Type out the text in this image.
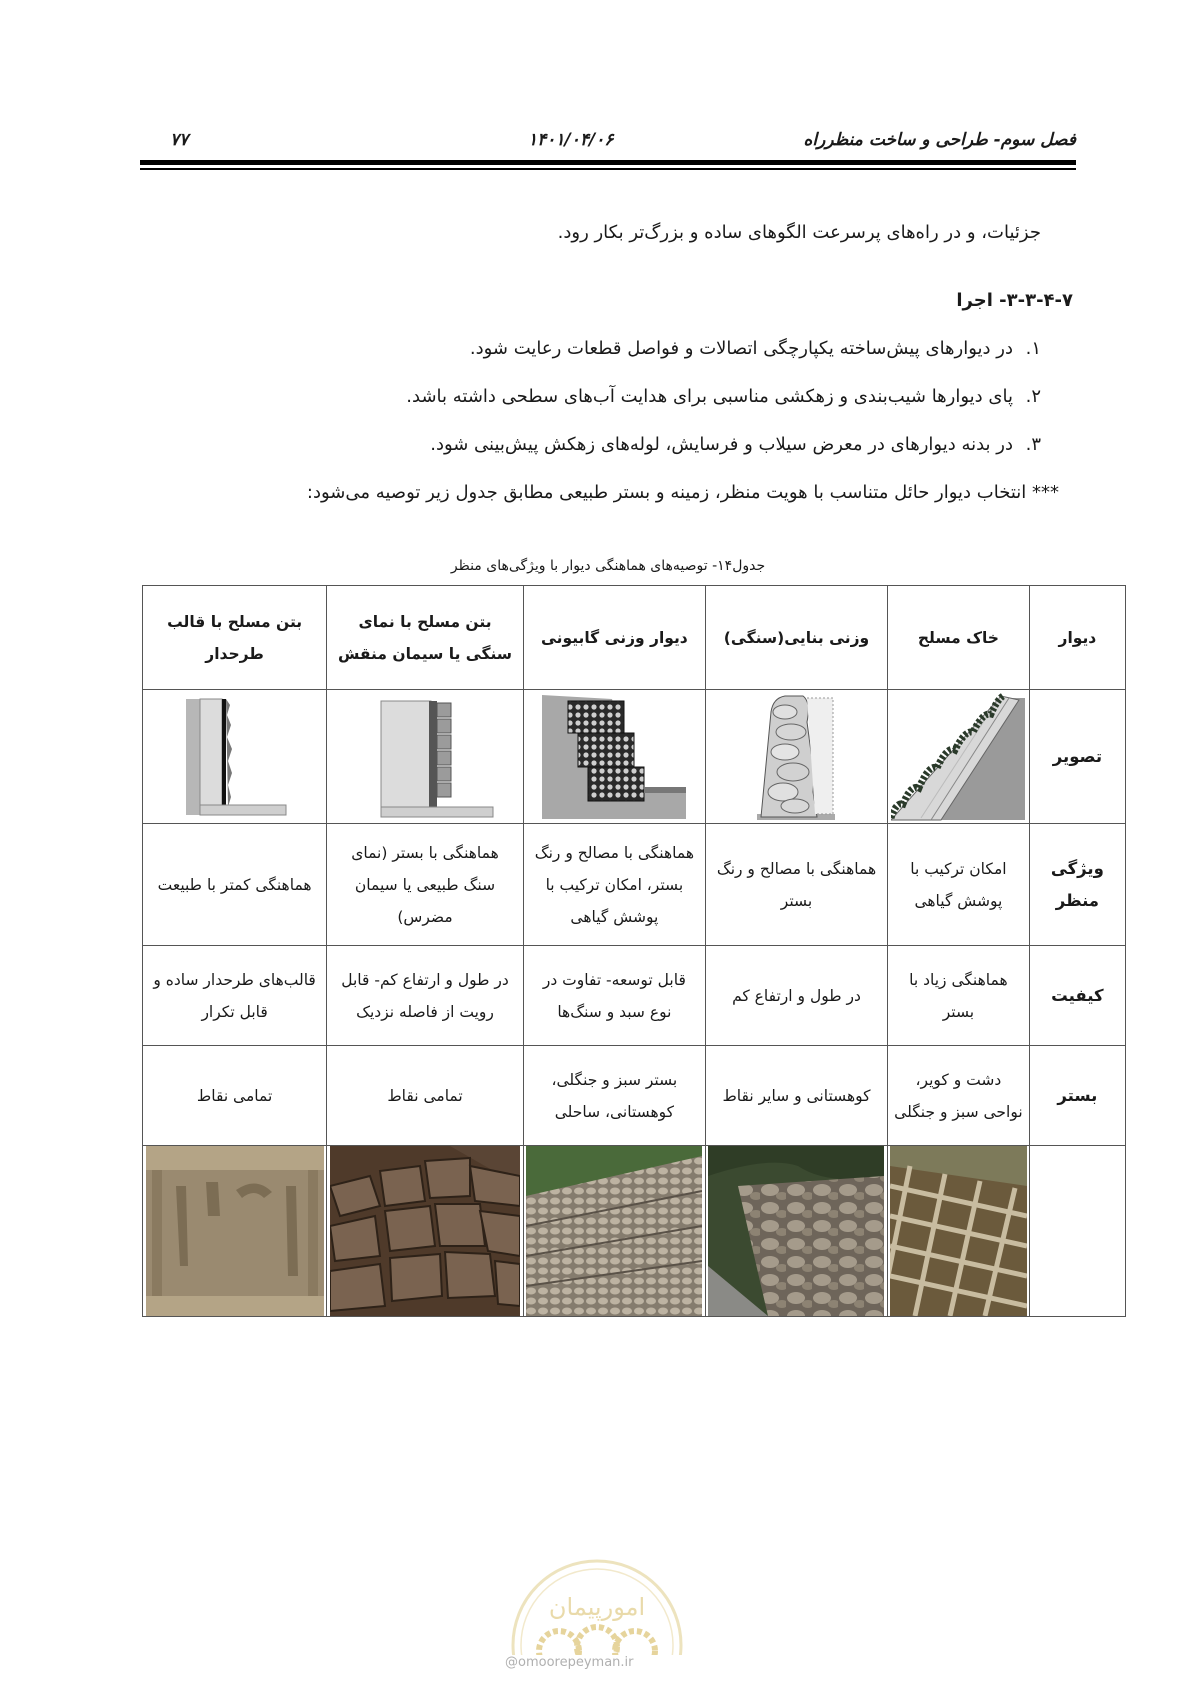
فصل سوم- طراحی و ساخت منظرراه
۱۴۰۱/۰۴/۰۶
۷۷
جزئیات، و در راه‌های پرسرعت الگوهای ساده و بزرگ‌تر بکار رود.
۳-۳-۴-۷- اجرا
۱.در دیوارهای پیش‌ساخته یکپارچگی اتصالات و فواصل قطعات رعایت شود.
۲.پای دیوارها شیب‌بندی و زهکشی مناسبی برای هدایت آب‌های سطحی داشته باشد.
۳.در بدنه دیوارهای در معرض سیلاب و فرسایش، لوله‌های زهکش پیش‌بینی شود.
*** انتخاب دیوار حائل متناسب با هویت منظر، زمینه و بستر طبیعی مطابق جدول زیر توصیه می‌شود:
جدول۱۴- توصیه‌های هماهنگی دیوار با ویژگی‌های منظر
دیوار	خاک مسلح	وزنی بنایی(سنگی)	دیوار وزنی گابیونی	بتن مسلح با نمای سنگی یا سیمان منقش	بتن مسلح با قالب طرحدار
تصویر	

ویژگی منظر	امکان ترکیب با پوشش گیاهی	هماهنگی با مصالح و رنگ بستر	هماهنگی با مصالح و رنگ بستر، امکان ترکیب با پوشش گیاهی	هماهنگی با بستر (نمای سنگ طبیعی یا سیمان مضرس)	هماهنگی کمتر با طبیعت
کیفیت	هماهنگی زیاد با بستر	در طول و ارتفاع کم	قابل توسعه- تفاوت در نوع سبد و سنگ‌ها	در طول و ارتفاع کم- قابل رویت از فاصله نزدیک	قالب‌های طرحدار ساده و قابل تکرار
بستر	دشت و کویر، نواحی سبز و جنگلی	کوهستانی و سایر نقاط	بستر سبز و جنگلی، کوهستانی، ساحلی	تمامی نقاط	تمامی نقاط

امورپیمان
@omoorepeyman.ir
